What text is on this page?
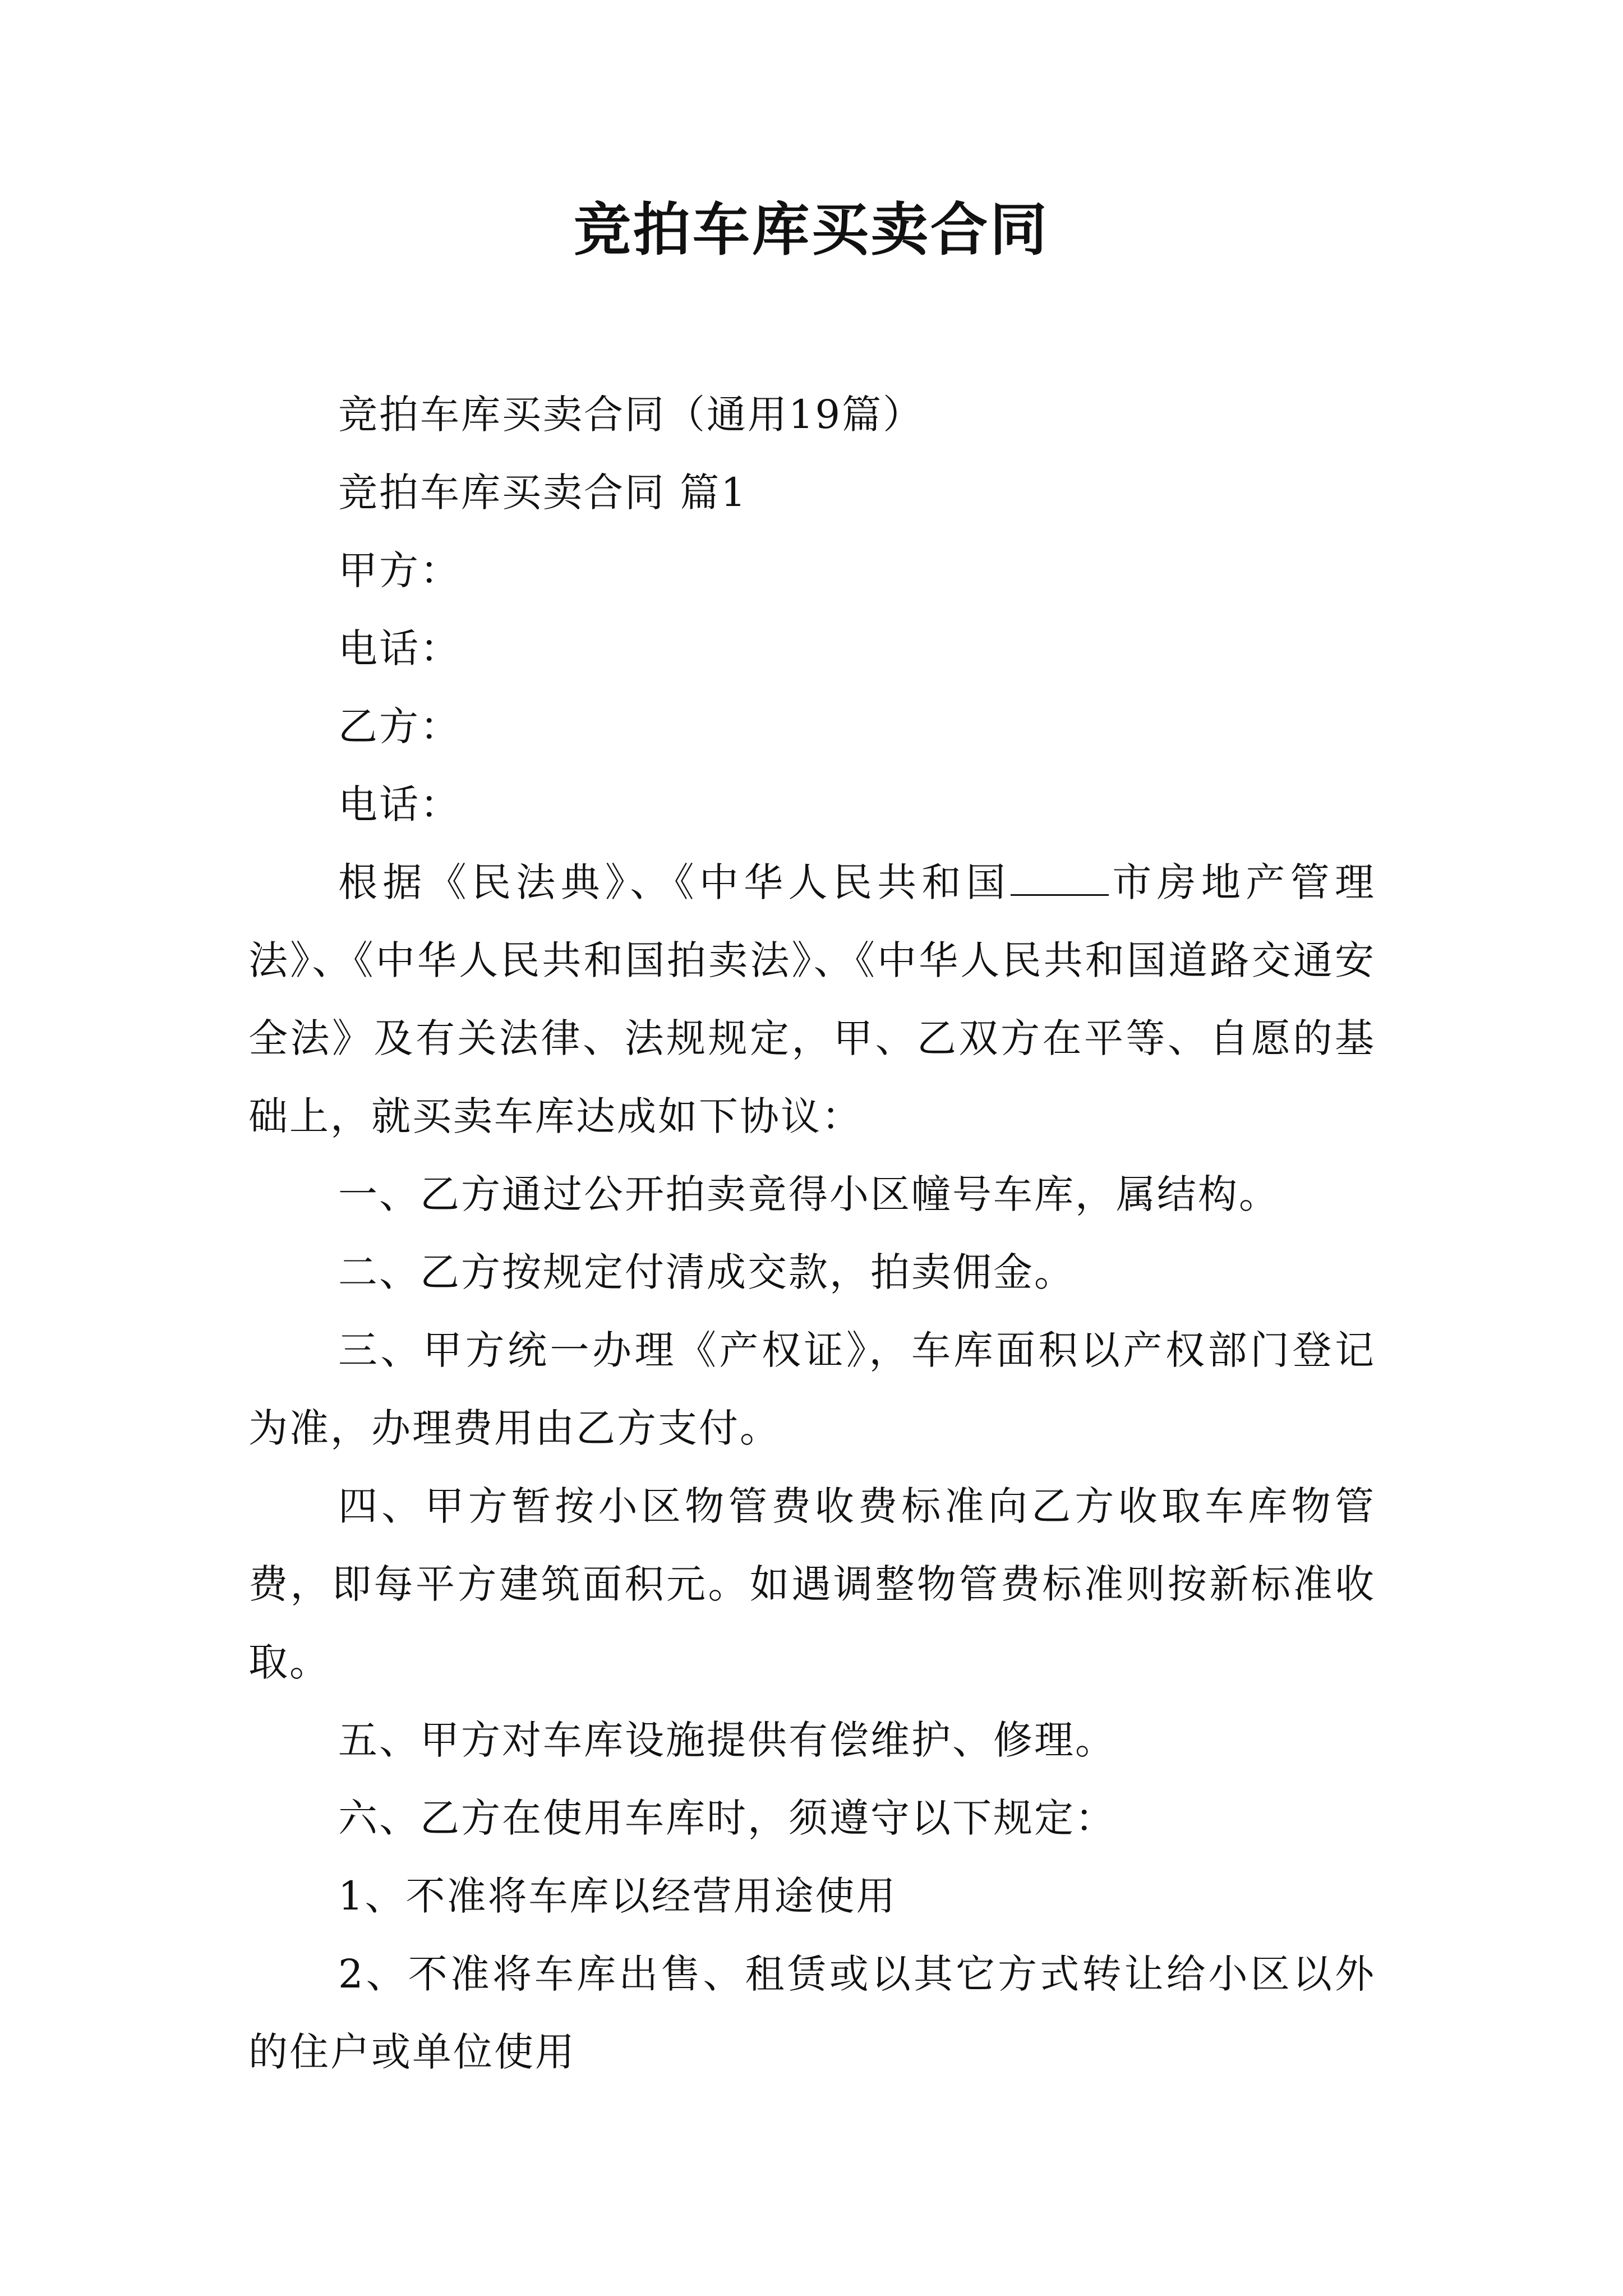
竞拍车库买卖合同

竞拍车库买卖合同（通用19篇）

竞拍车库买卖合同 篇1

甲方：

电话：

乙方：

电话：

根据《民法典》、《中华人民共和国	市房地产管理法》、《中华人民共和国拍卖法》、《中华人民共和国道路交通安全法》及有关法律、法规规定，甲、乙双方在平等、自愿的基础上，就买卖车库达成如下协议：

一、乙方通过公开拍卖竟得小区幢号车库，属结构。

二、乙方按规定付清成交款，拍卖佣金。

三、甲方统一办理《产权证》，车库面积以产权部门登记为准，办理费用由乙方支付。

四、甲方暂按小区物管费收费标准向乙方收取车库物管费，即每平方建筑面积元。如遇调整物管费标准则按新标准收取。

五、甲方对车库设施提供有偿维护、修理。

六、乙方在使用车库时，须遵守以下规定：

1、不准将车库以经营用途使用

2、不准将车库出售、租赁或以其它方式转让给小区以外的住户或单位使用
